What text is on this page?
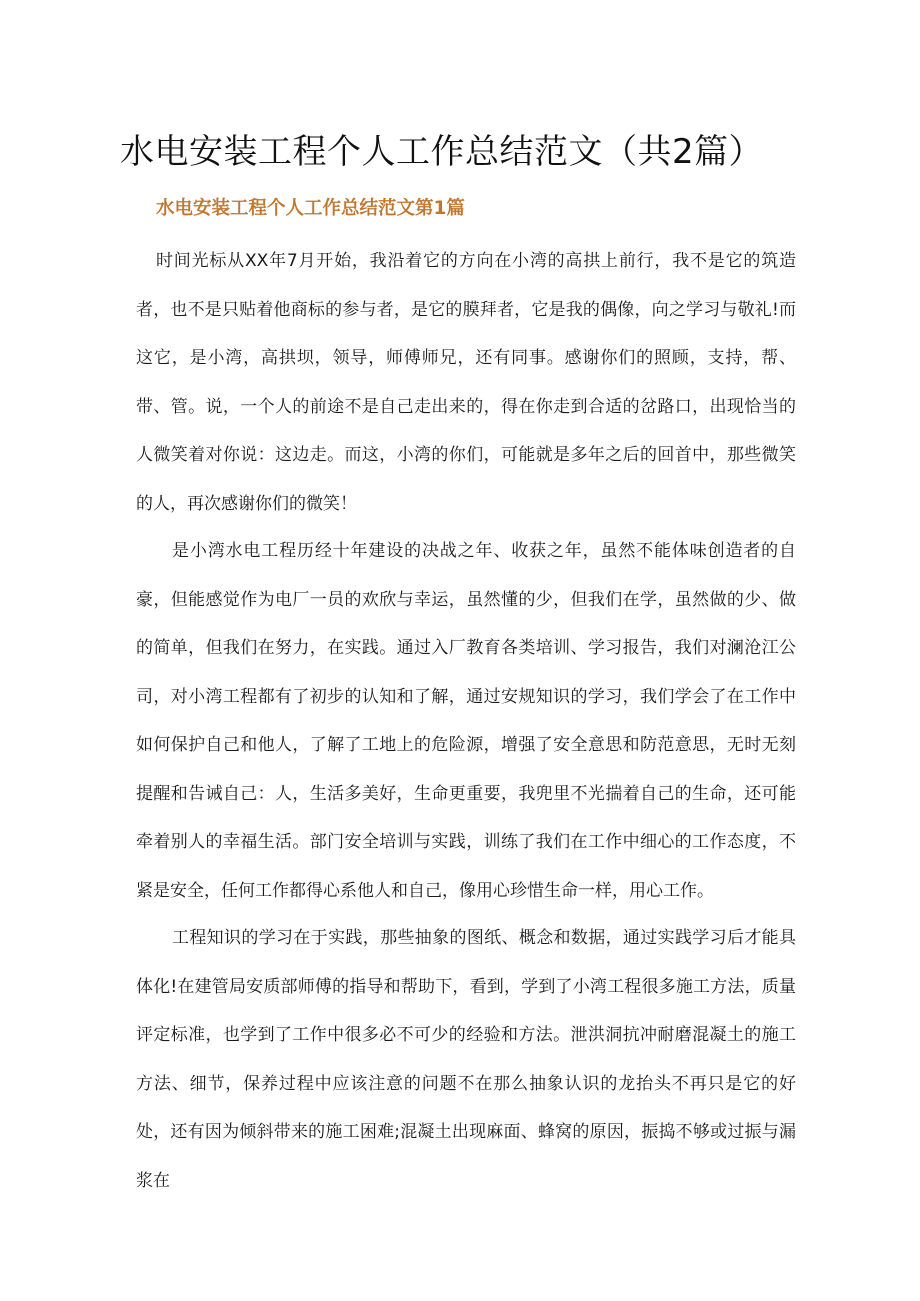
水电安装工程个人工作总结范文（共2篇）
水电安装工程个人工作总结范文第1篇

时间光标从XX年7月开始，我沿着它的方向在小湾的高拱上前行，我不是它的筑造者，也不是只贴着他商标的参与者，是它的膜拜者，它是我的偶像，向之学习与敬礼!而这它，是小湾，高拱坝，领导，师傅师兄，还有同事。感谢你们的照顾，支持，帮、带、管。说，一个人的前途不是自己走出来的，得在你走到合适的岔路口，出现恰当的人微笑着对你说：这边走。而这，小湾的你们，可能就是多年之后的回首中，那些微笑的人，再次感谢你们的微笑！

是小湾水电工程历经十年建设的决战之年、收获之年，虽然不能体味创造者的自豪，但能感觉作为电厂一员的欢欣与幸运，虽然懂的少，但我们在学，虽然做的少、做的简单，但我们在努力，在实践。通过入厂教育各类培训、学习报告，我们对澜沧江公司，对小湾工程都有了初步的认知和了解，通过安规知识的学习，我们学会了在工作中如何保护自己和他人，了解了工地上的危险源，增强了安全意思和防范意思，无时无刻提醒和告诫自己：人，生活多美好，生命更重要，我兜里不光揣着自己的生命，还可能牵着别人的幸福生活。部门安全培训与实践，训练了我们在工作中细心的工作态度，不紧是安全，任何工作都得心系他人和自己，像用心珍惜生命一样，用心工作。

工程知识的学习在于实践，那些抽象的图纸、概念和数据，通过实践学习后才能具体化!在建管局安质部师傅的指导和帮助下，看到，学到了小湾工程很多施工方法，质量评定标准，也学到了工作中很多必不可少的经验和方法。泄洪洞抗冲耐磨混凝土的施工方法、细节，保养过程中应该注意的问题不在那么抽象认识的龙抬头不再只是它的好处，还有因为倾斜带来的施工困难;混凝土出现麻面、蜂窝的原因，振捣不够或过振与漏浆在
